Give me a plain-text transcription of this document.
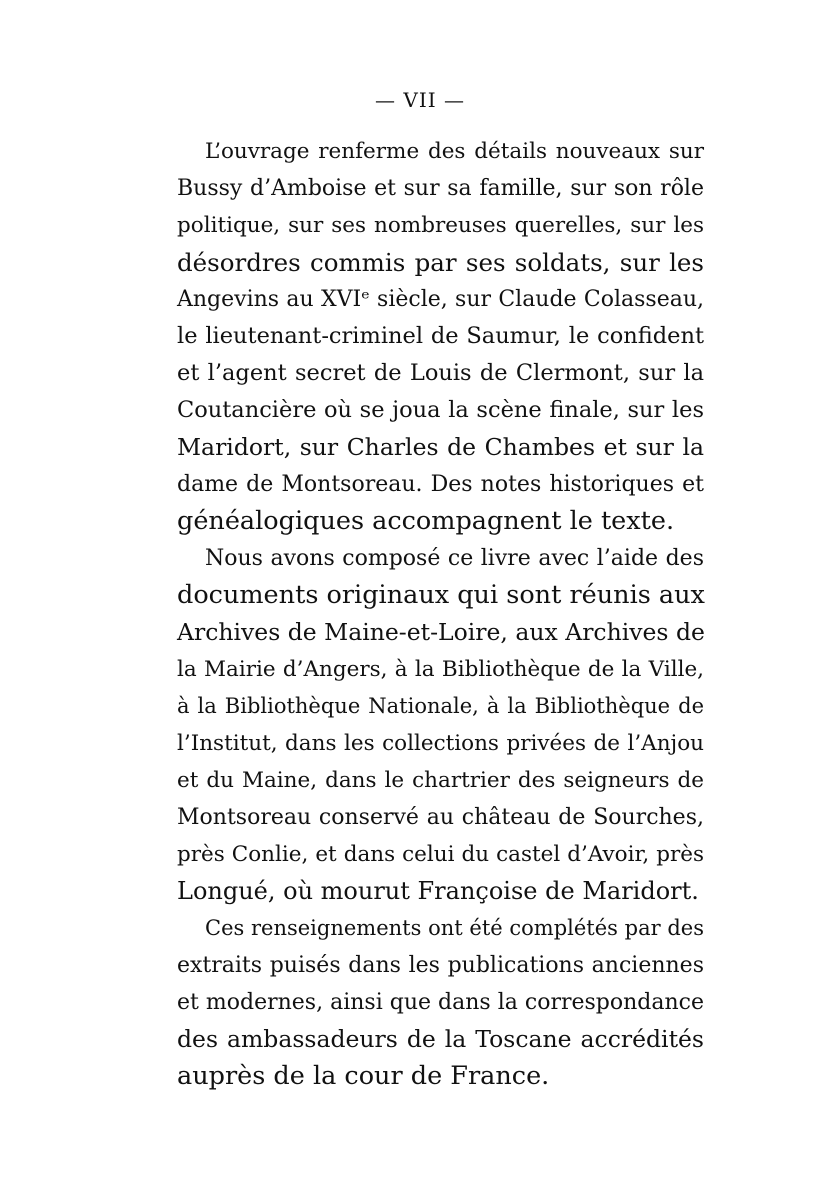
— VII —
L’ouvrage renferme des détails nouveaux sur
Bussy d’Amboise et sur sa famille, sur son rôle
politique, sur ses nombreuses querelles, sur les
désordres commis par ses soldats, sur les
Angevins au XVIᵉ siècle, sur Claude Colasseau,
le lieutenant-criminel de Saumur, le confident
et l’agent secret de Louis de Clermont, sur la
Coutancière où se joua la scène finale, sur les
Maridort, sur Charles de Chambes et sur la
dame de Montsoreau. Des notes historiques et
généalogiques accompagnent le texte.
Nous avons composé ce livre avec l’aide des
documents originaux qui sont réunis aux
Archives de Maine-et-Loire, aux Archives de
la Mairie d’Angers, à la Bibliothèque de la Ville,
à la Bibliothèque Nationale, à la Bibliothèque de
l’Institut, dans les collections privées de l’Anjou
et du Maine, dans le chartrier des seigneurs de
Montsoreau conservé au château de Sourches,
près Conlie, et dans celui du castel d’Avoir, près
Longué, où mourut Françoise de Maridort.
Ces renseignements ont été complétés par des
extraits puisés dans les publications anciennes
et modernes, ainsi que dans la correspondance
des ambassadeurs de la Toscane accrédités
auprès de la cour de France.
